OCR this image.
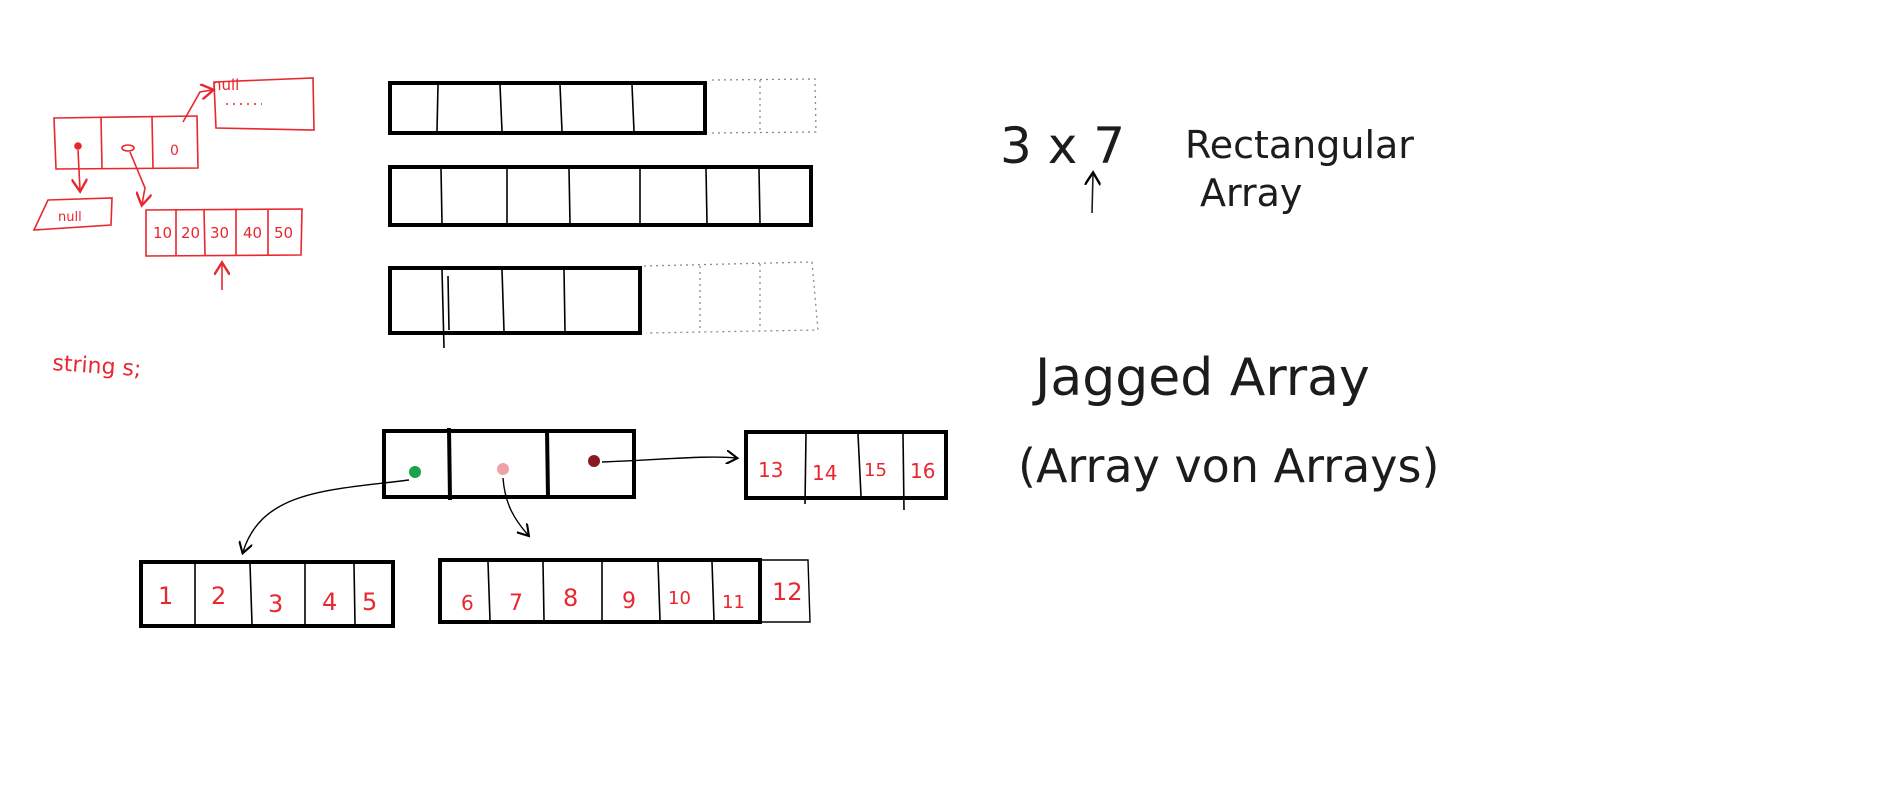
null
0
null
10 20 30 40 50
string s;
3 x 7 Rectangular
Array
1 2 3 4 5	6 7 8 9 10 11 12
13 14 15 16
Jagged Array
(Array von Arrays)
